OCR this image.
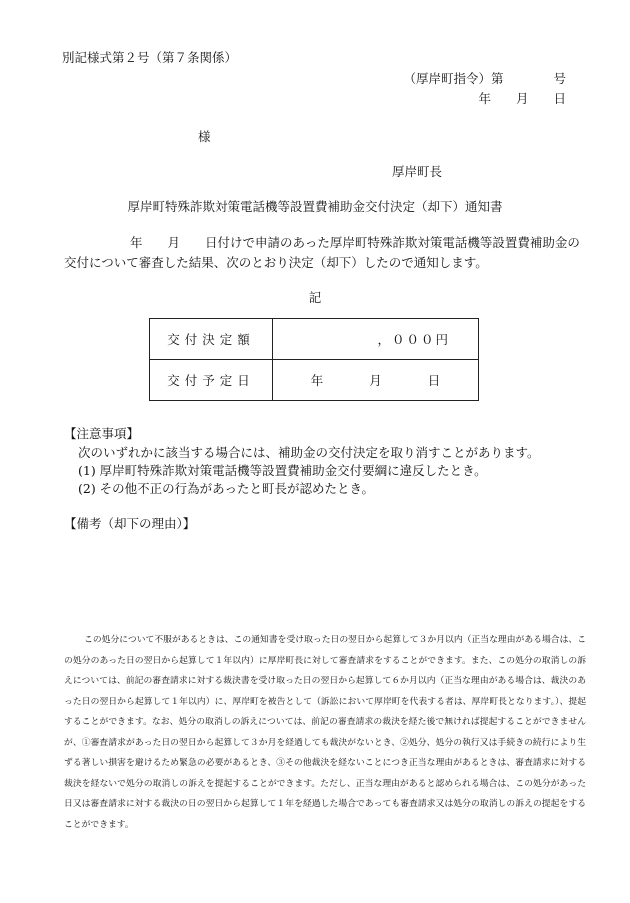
別記様式第２号（第７条関係）
（厚岸町指令）第　　　　号
年　　月　　日
様
厚岸町長
厚岸町特殊詐欺対策電話機等設置費補助金交付決定（却下）通知書
年　　月　　日付けで申請のあった厚岸町特殊詐欺対策電話機等設置費補助金の交付について審査した結果、次のとおり決定（却下）したので通知します。
記
交付決定額	，０００円
交付予定日	年 月 日
【注意事項】
次のいずれかに該当する場合には、補助金の交付決定を取り消すことがあります。
(1) 厚岸町特殊詐欺対策電話機等設置費補助金交付要綱に違反したとき。
(2) その他不正の行為があったと町長が認めたとき。
【備考（却下の理由）】

この処分について不服があるときは、この通知書を受け取った日の翌日から起算して３か月以内（正当な理由がある場合は、この処分のあった日の翌日から起算して１年以内）に厚岸町長に対して審査請求をすることができます。また、この処分の取消しの訴えについては、前記の審査請求に対する裁決書を受け取った日の翌日から起算して６か月以内（正当な理由がある場合は、裁決のあった日の翌日から起算して１年以内）に、厚岸町を被告として（訴訟において厚岸町を代表する者は、厚岸町長となります。）、提起することができます。なお、処分の取消しの訴えについては、前記の審査請求の裁決を経た後で無ければ提起することができませんが、①審査請求があった日の翌日から起算して３か月を経過しても裁決がないとき、②処分、処分の執行又は手続きの続行により生ずる著しい損害を避けるため緊急の必要があるとき、③その他裁決を経ないことにつき正当な理由があるときは、審査請求に対する裁決を経ないで処分の取消しの訴えを提起することができます。ただし、正当な理由があると認められる場合は、この処分があった日又は審査請求に対する裁決の日の翌日から起算して１年を経過した場合であっても審査請求又は処分の取消しの訴えの提起をすることができます。
